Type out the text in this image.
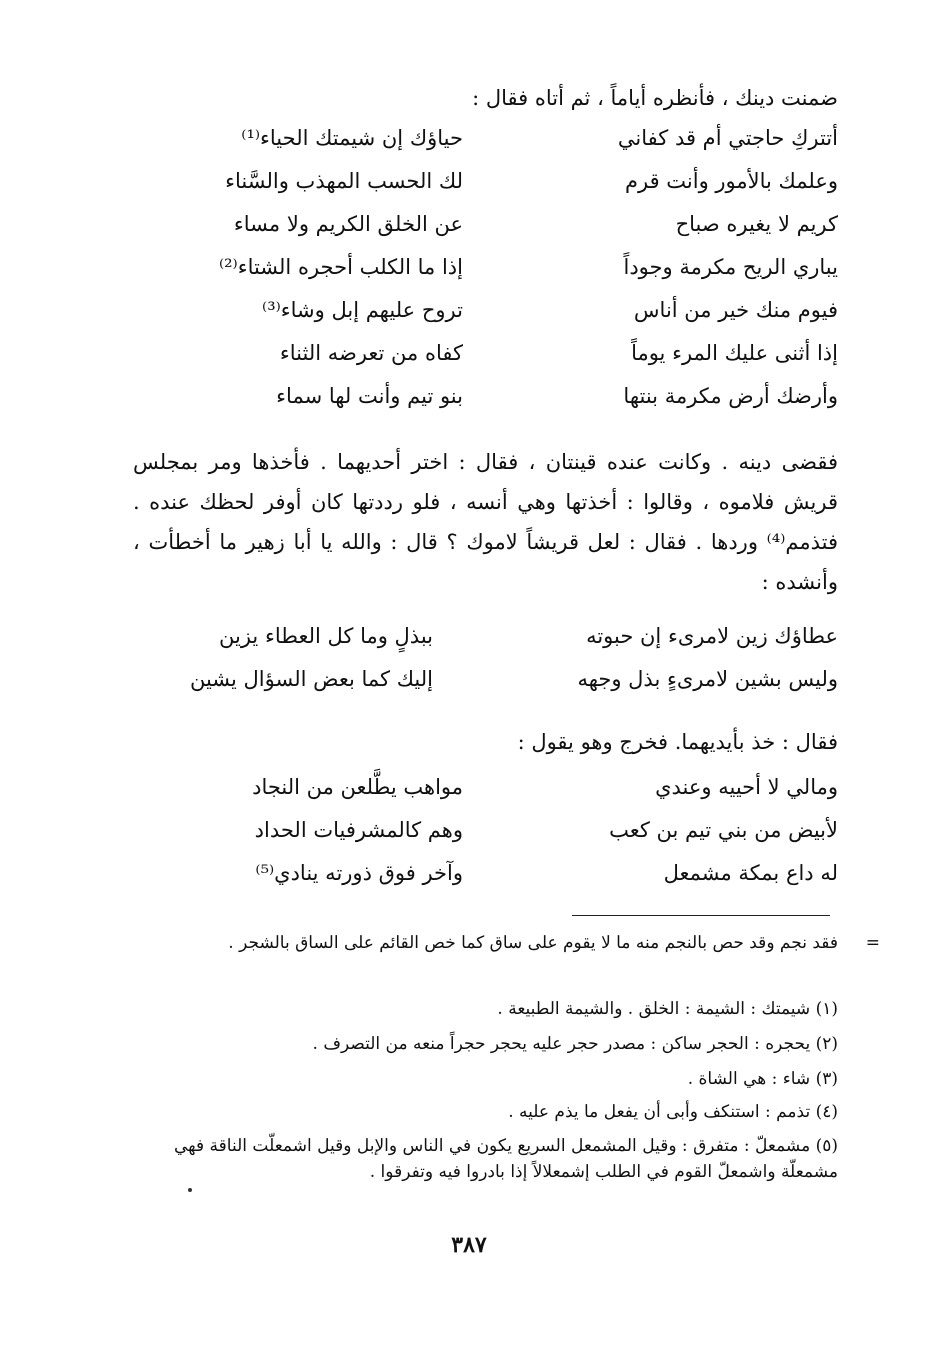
ضمنت دينك ، فأنظره أياماً ، ثم أتاه فقال :
أتتركِ حاجتي أم قد كفاني
حياؤك إن شيمتك الحياء⁽¹⁾
وعلمك بالأمور وأنت قرم
لك الحسب المهذب والسَّناء
كريم لا يغيره صباح
عن الخلق الكريم ولا مساء
يباري الريح مكرمة وجوداً
إذا ما الكلب أحجره الشتاء⁽²⁾
فيوم منك خير من أناس
تروح عليهم إبل وشاء⁽³⁾
إذا أثنى عليك المرء يوماً
كفاه من تعرضه الثناء
وأرضك أرض مكرمة بنتها
بنو تيم وأنت لها سماء
فقضى دينه . وكانت عنده قينتان ، فقال : اختر أحديهما . فأخذها ومر بمجلس قريش فلاموه ، وقالوا : أخذتها وهي أنسه ، فلو رددتها كان أوفر لحظك عنده . فتذمم⁽⁴⁾ وردها . فقال : لعل قريشاً لاموك ؟ قال : والله يا أبا زهير ما أخطأت ، وأنشده :
عطاؤك زين لامرىء إن حبوته
ببذلٍ وما كل العطاء يزين
وليس بشين لامرىءٍ بذل وجهه
إليك كما بعض السؤال يشين
فقال : خذ بأيديهما. فخرج وهو يقول :
ومالي لا أحييه وعندي
مواهب يطَّلعن من النجاد
لأبيض من بني تيم بن كعب
وهم كالمشرفيات الحداد
له داع بمكة مشمعل
وآخر فوق ذورته ينادي⁽⁵⁾
=
فقد نجم وقد حص بالنجم منه ما لا يقوم على ساق كما خص القائم على الساق بالشجر .
(١) شيمتك : الشيمة : الخلق . والشيمة الطبيعة .
(٢) يحجره : الحجر ساكن : مصدر حجر عليه يحجر حجراً منعه من التصرف .
(٣) شاء : هي الشاة .
(٤) تذمم : استنكف وأبى أن يفعل ما يذم عليه .
(٥) مشمعلّ : متفرق : وقيل المشمعل السريع يكون في الناس والإبل وقيل اشمعلّت الناقة فهي مشمعلّة واشمعلّ القوم في الطلب إشمعلالاً إذا بادروا فيه وتفرقوا .
٣٨٧
